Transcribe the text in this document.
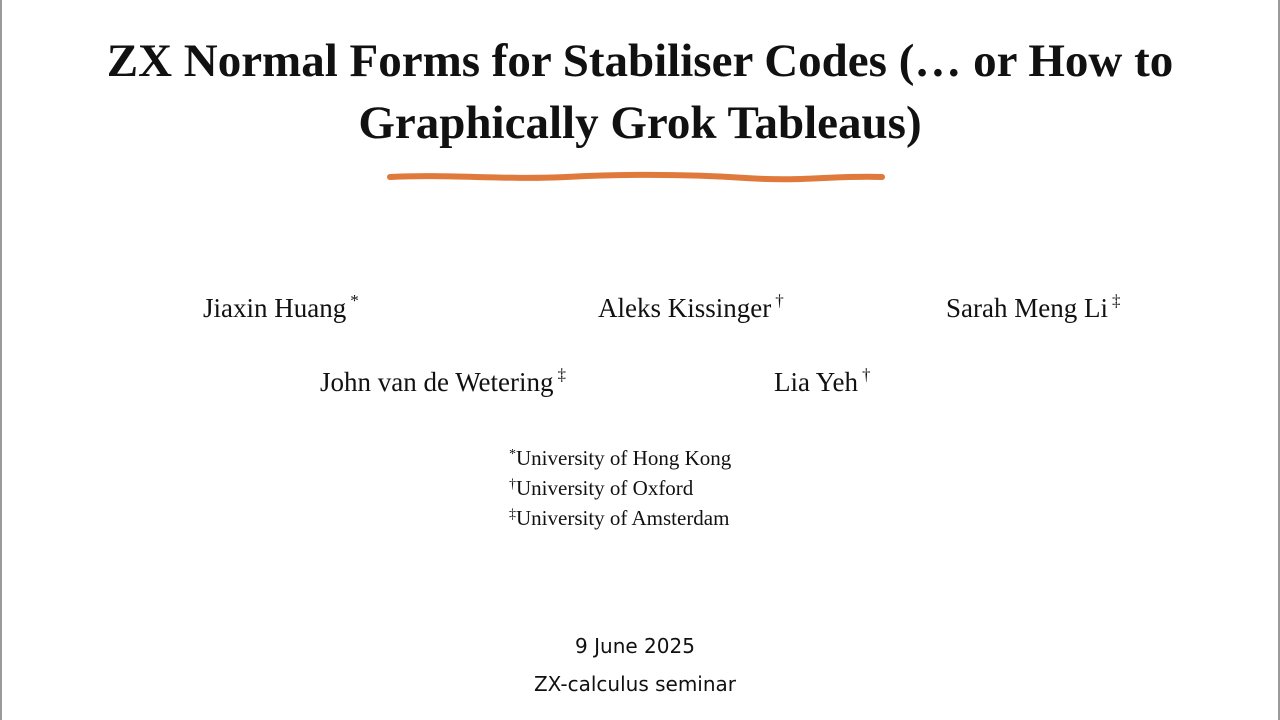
ZX Normal Forms for Stabiliser Codes (… or How to
Graphically Grok Tableaus)
Jiaxin Huang *	Aleks Kissinger †	Sarah Meng Li ‡
John van de Wetering ‡	Lia Yeh †
*University of Hong Kong
†University of Oxford
‡University of Amsterdam
9 June 2025
ZX-calculus seminar
